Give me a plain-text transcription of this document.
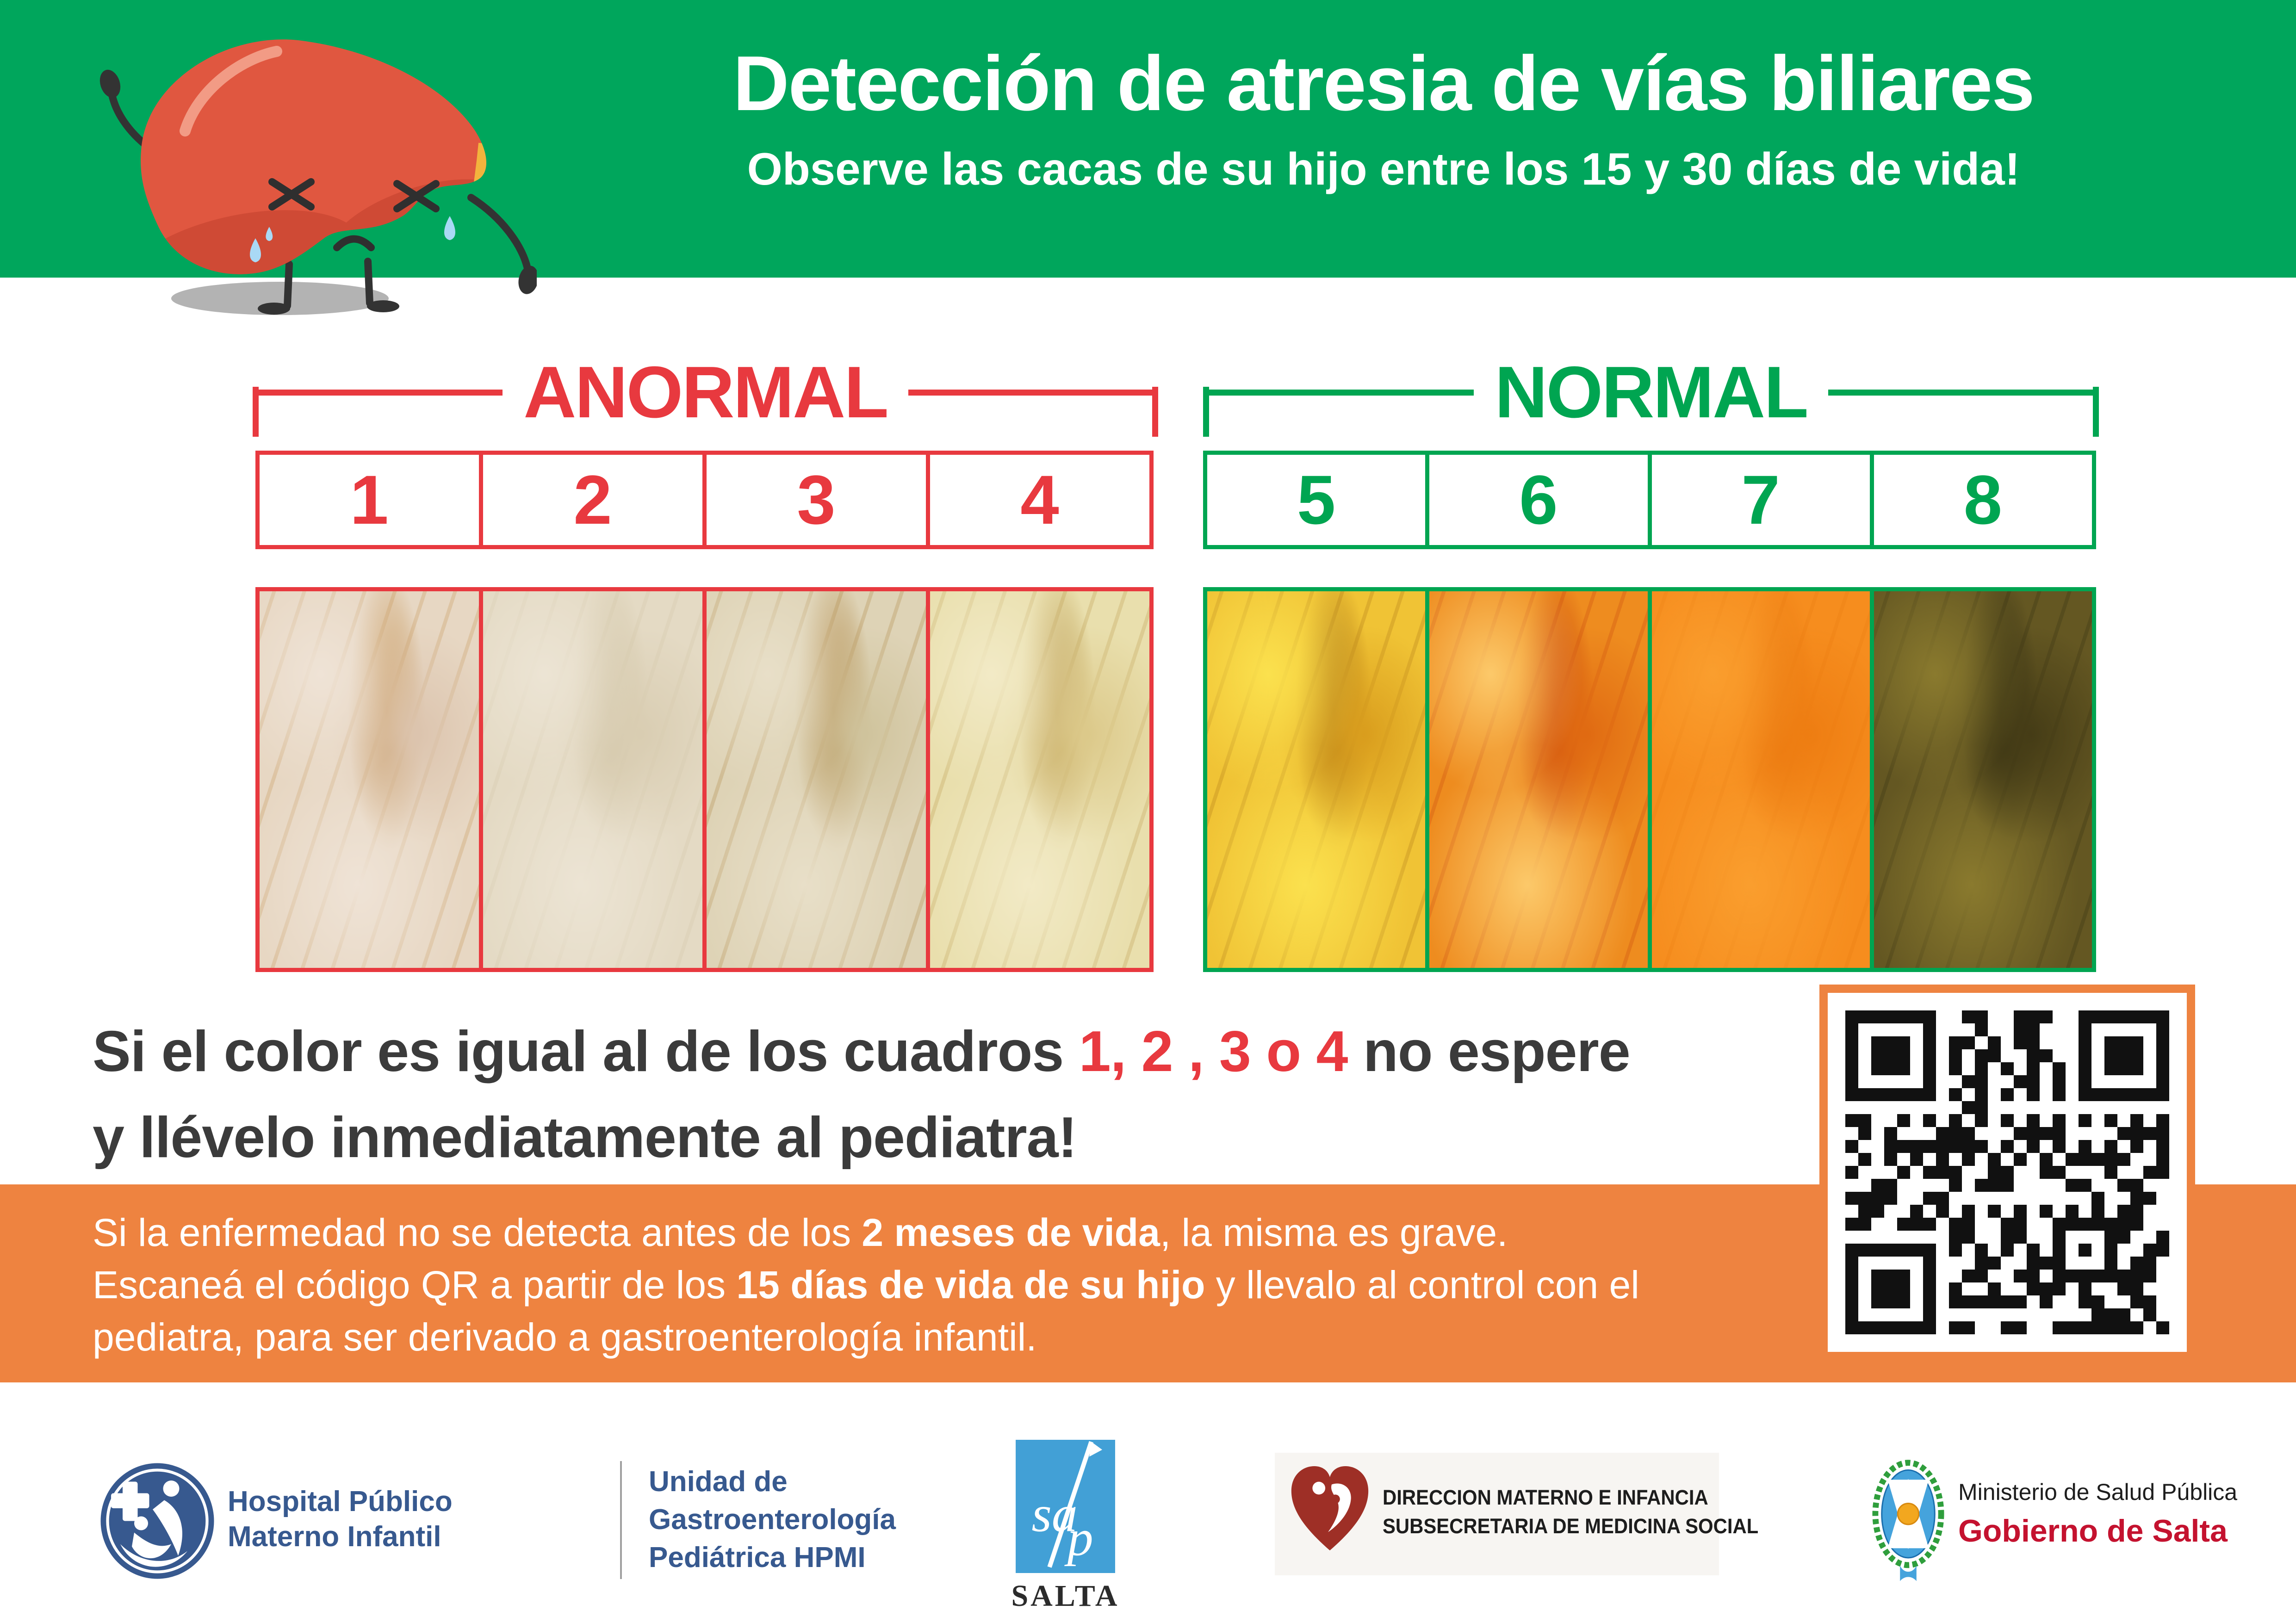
Detección de atresia de vías biliares
Observe las cacas de su hijo entre los 15 y 30 días de vida!
ANORMAL	NORMAL
1	2	3	4	5	6	7	8
Si el color es igual al de los cuadros 1, 2 , 3 o 4 no espere
y llévelo inmediatamente al pediatra!
Si la enfermedad no se detecta antes de los 2 meses de vida, la misma es grave.
Escaneá el código QR a partir de los 15 días de vida de su hijo y llevalo al control con el
pediatra, para ser derivado a gastroenterología infantil.
Hospital Público
Materno Infantil
Unidad de
Gastroenterología
Pediátrica HPMI
sa
p
SALTA
DIRECCION MATERNO E INFANCIA
SUBSECRETARIA DE MEDICINA SOCIAL
Ministerio de Salud Pública
Gobierno de Salta
